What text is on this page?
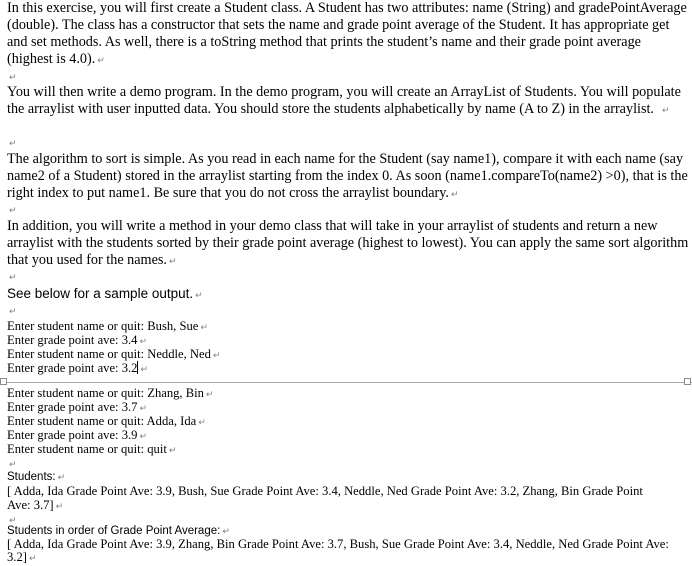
In this exercise, you will first create a Student class. A Student has two attributes: name (String) and gradePointAverage (double). The class has a constructor that sets the name and grade point average of the Student. It has appropriate get and set methods. As well, there is a toString method that prints the student’s name and their grade point average (highest is 4.0). ↵

↵

You will then write a demo program. In the demo program, you will create an ArrayList of Students. You will populate the arraylist with user inputted data. You should store the students alphabetically by name (A to Z) in the arraylist. ↵

↵

The algorithm to sort is simple. As you read in each name for the Student (say name1), compare it with each name (say name2 of a Student) stored in the arraylist starting from the index 0. As soon (name1.compareTo(name2) >0), that is the right index to put name1. Be sure that you do not cross the arraylist boundary. ↵

↵

In addition, you will write a method in your demo class that will take in your arraylist of students and return a new arraylist with the students sorted by their grade point average (highest to lowest). You can apply the same sort algorithm that you used for the names. ↵

↵

See below for a sample output. ↵

↵
Enter student name or quit: Bush, Sue ↵
Enter grade point ave: 3.4 ↵
Enter student name or quit: Neddle, Ned ↵
Enter grade point ave: 3.2 ↵
Enter student name or quit: Zhang, Bin ↵
Enter grade point ave: 3.7 ↵
Enter student name or quit: Adda, Ida ↵
Enter grade point ave: 3.9 ↵
Enter student name or quit: quit ↵
↵
Students: ↵
[ Adda, Ida Grade Point Ave: 3.9, Bush, Sue Grade Point Ave: 3.4, Neddle, Ned Grade Point Ave: 3.2, Zhang, Bin Grade Point
Ave: 3.7] ↵
↵
Students in order of Grade Point Average: ↵
[ Adda, Ida Grade Point Ave: 3.9, Zhang, Bin Grade Point Ave: 3.7, Bush, Sue Grade Point Ave: 3.4, Neddle, Ned Grade Point Ave:
3.2] ↵
